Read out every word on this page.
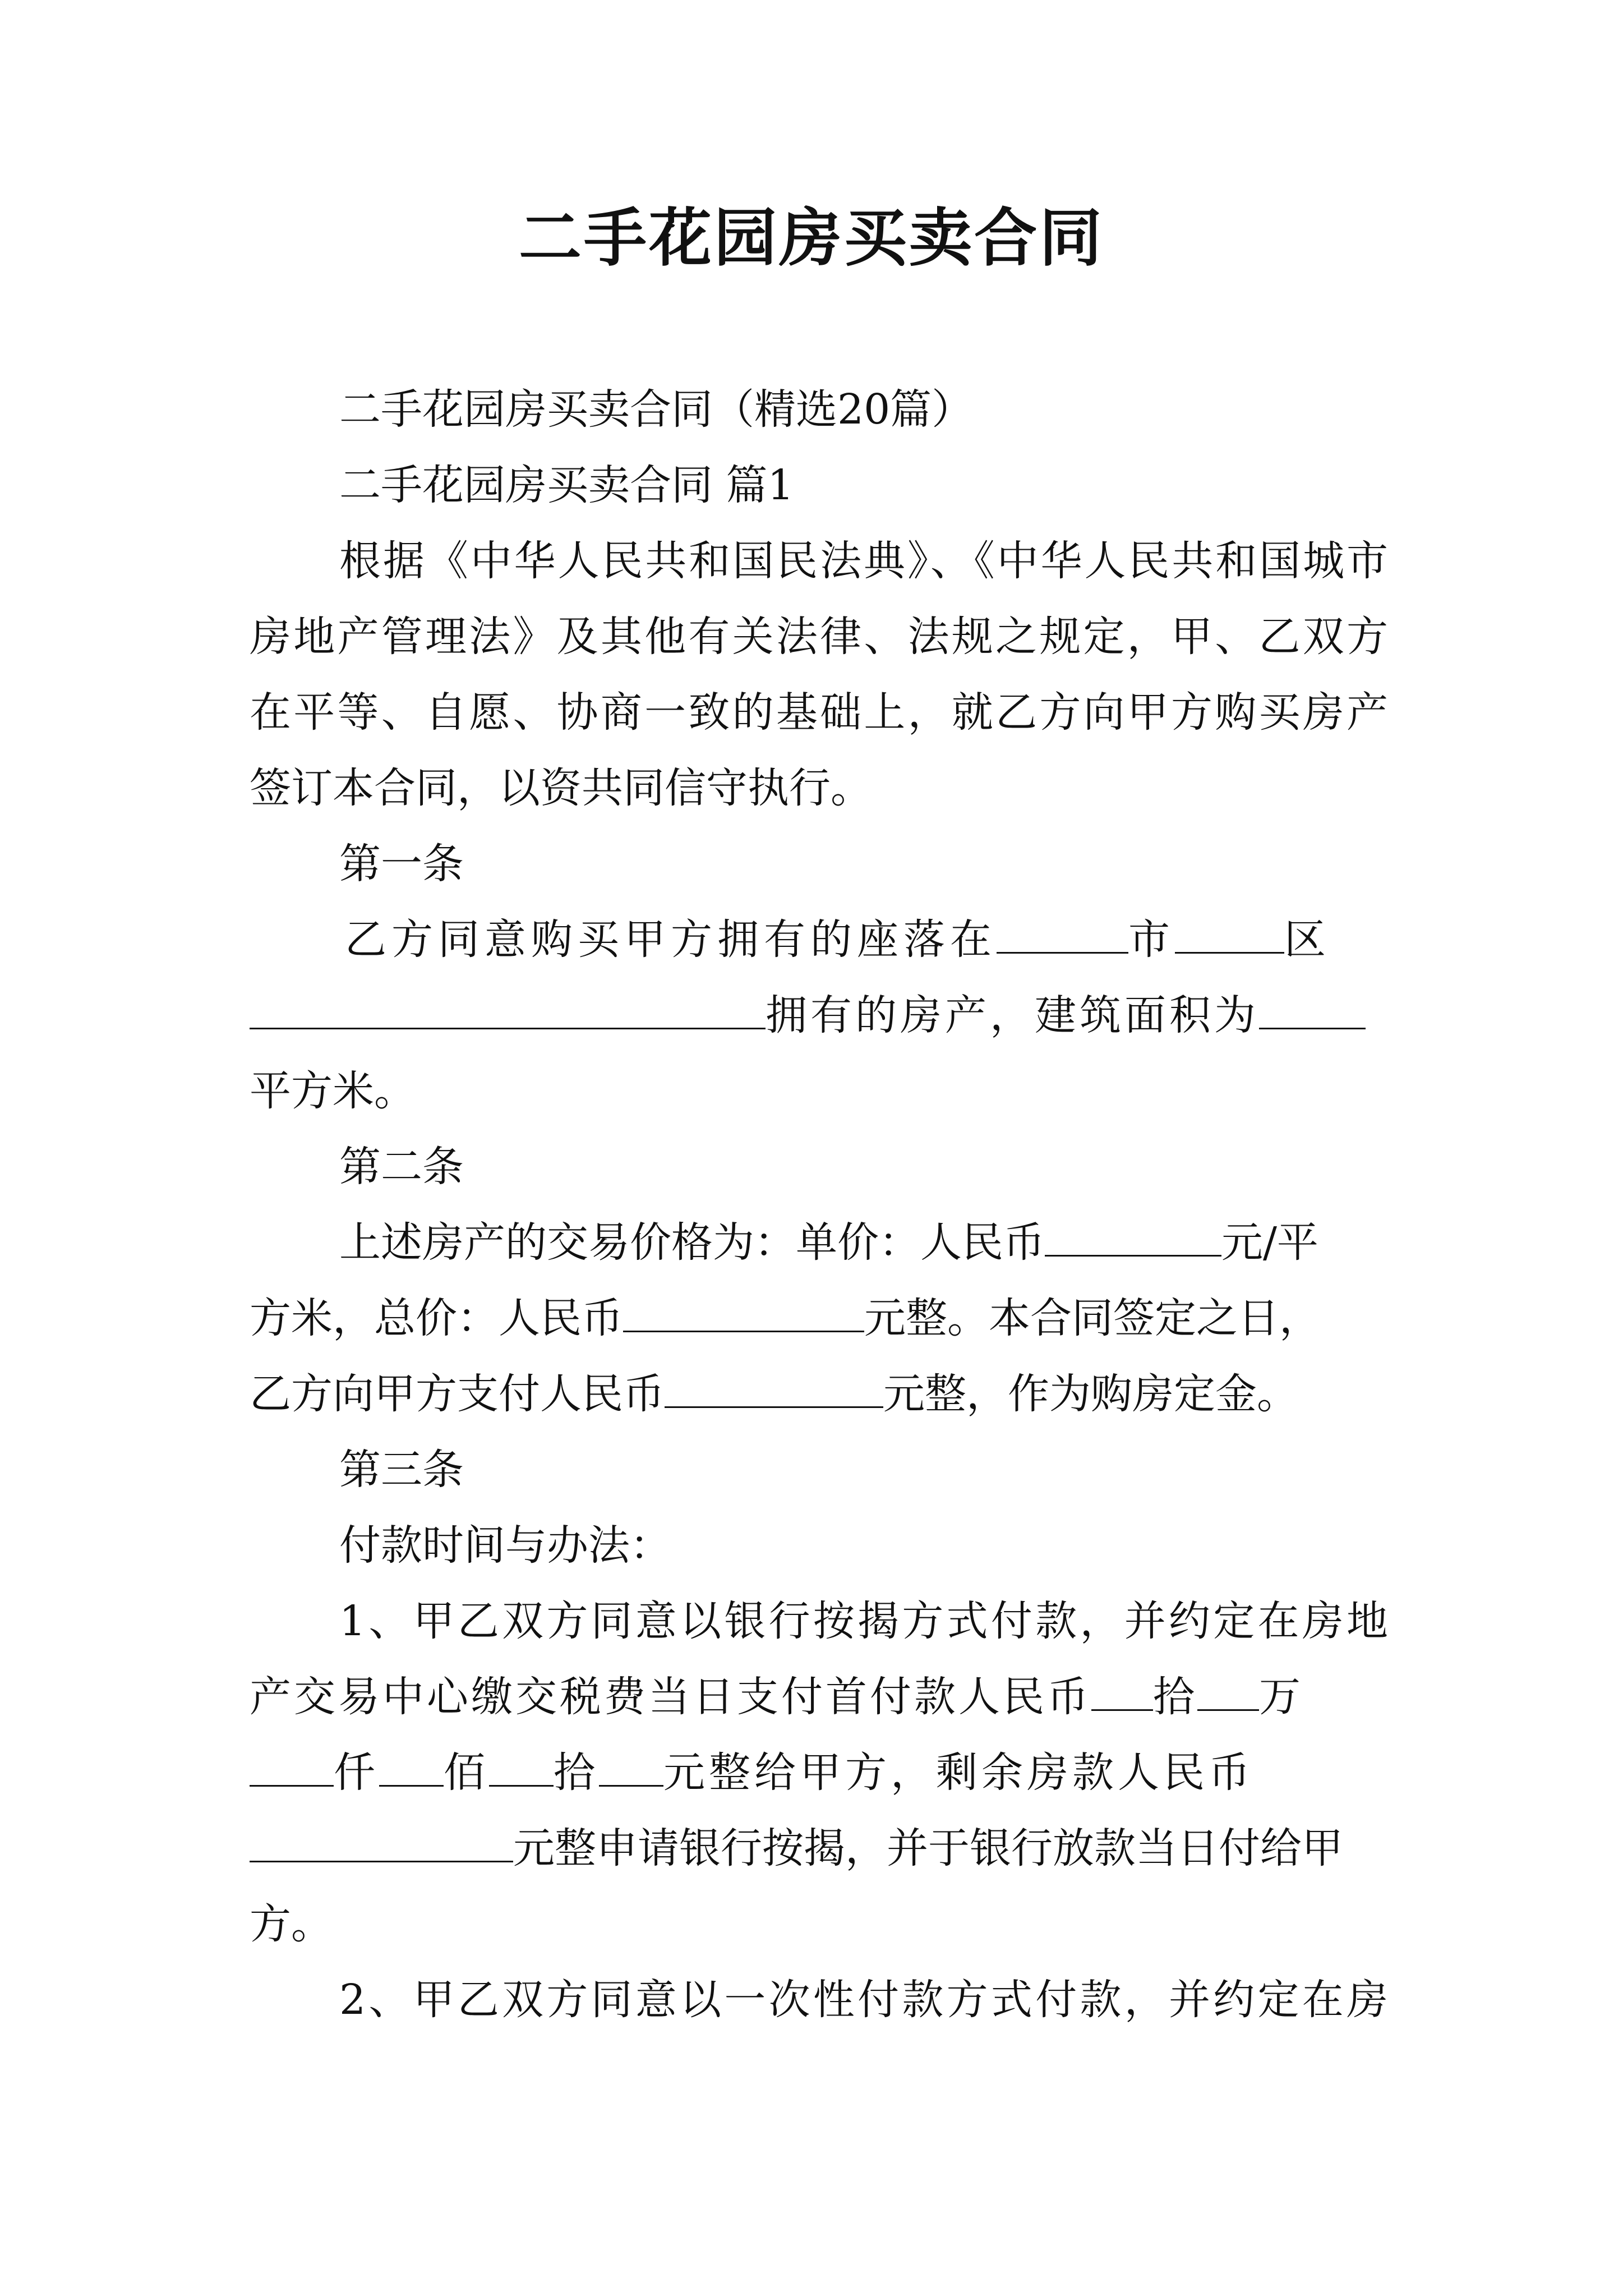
二手花园房买卖合同
二手花园房买卖合同（精选20篇）
二手花园房买卖合同 篇1
根据《中华人民共和国民法典》、《中华人民共和国城市
房地产管理法》及其他有关法律、法规之规定，甲、乙双方
在平等、自愿、协商一致的基础上，就乙方向甲方购买房产
签订本合同，以资共同信守执行。
第一条
乙方同意购买甲方拥有的座落在	市	区
拥有的房产，建筑面积为
平方米。
第二条
上述房产的交易价格为：单价：人民币	元/平
方米，总价：人民币	元整。本合同签定之日，
乙方向甲方支付人民币	元整，作为购房定金。
第三条
付款时间与办法：
1、甲乙双方同意以银行按揭方式付款，并约定在房地
产交易中心缴交税费当日支付首付款人民币 拾 万
仟 佰 拾 元整给甲方，剩余房款人民币
元整申请银行按揭，并于银行放款当日付给甲
方。
2、甲乙双方同意以一次性付款方式付款，并约定在房
